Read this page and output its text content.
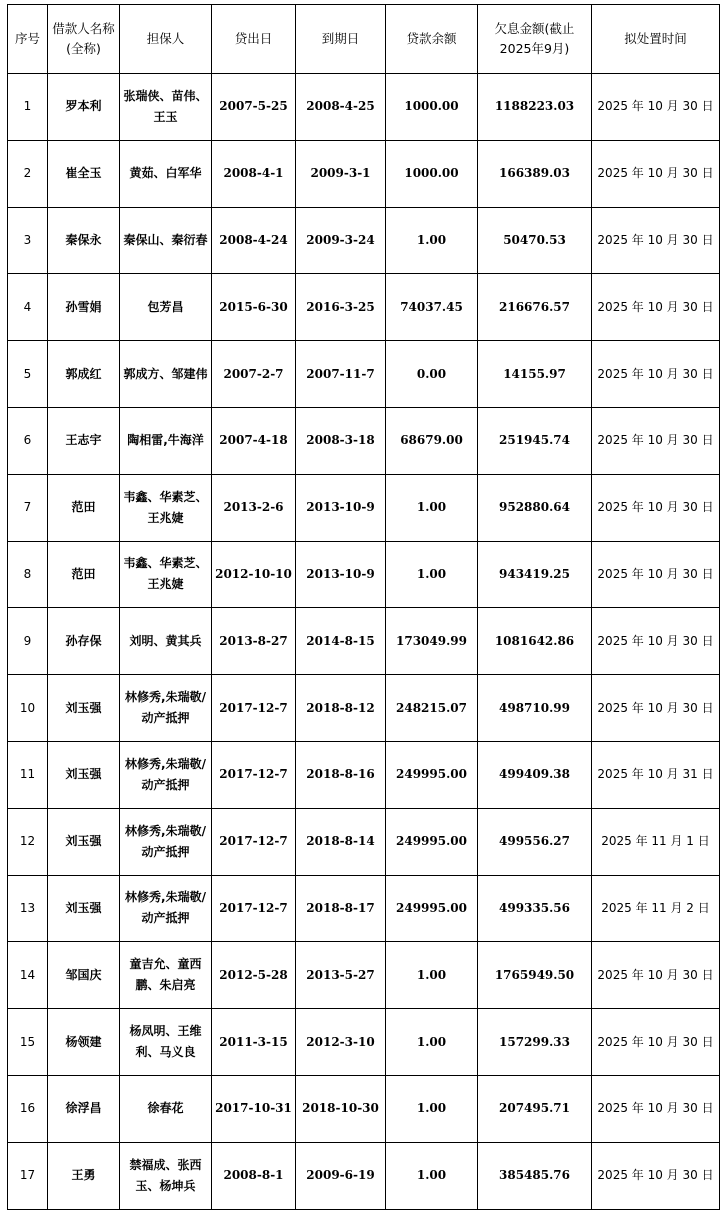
序号	借款人名称(全称)	担保人	贷出日	到期日	贷款余额	欠息金额(截止2025年9月)	拟处置时间
1	罗本利	张瑞侠、苗伟、王玉	2007-5-25	2008-4-25	1000.00	1188223.03	2025 年 10 月 30 日
2	崔全玉	黄茹、白军华	2008-4-1	2009-3-1	1000.00	166389.03	2025 年 10 月 30 日
3	秦保永	秦保山、秦衍春	2008-4-24	2009-3-24	1.00	50470.53	2025 年 10 月 30 日
4	孙雪娟	包芳昌	2015-6-30	2016-3-25	74037.45	216676.57	2025 年 10 月 30 日
5	郭成红	郭成方、邹建伟	2007-2-7	2007-11-7	0.00	14155.97	2025 年 10 月 30 日
6	王志宇	陶相雷,牛海洋	2007-4-18	2008-3-18	68679.00	251945.74	2025 年 10 月 30 日
7	范田	韦鑫、华素芝、王兆婕	2013-2-6	2013-10-9	1.00	952880.64	2025 年 10 月 30 日
8	范田	韦鑫、华素芝、王兆婕	2012-10-10	2013-10-9	1.00	943419.25	2025 年 10 月 30 日
9	孙存保	刘明、黄其兵	2013-8-27	2014-8-15	173049.99	1081642.86	2025 年 10 月 30 日
10	刘玉强	林修秀,朱瑞敬/动产抵押	2017-12-7	2018-8-12	248215.07	498710.99	2025 年 10 月 30 日
11	刘玉强	林修秀,朱瑞敬/动产抵押	2017-12-7	2018-8-16	249995.00	499409.38	2025 年 10 月 31 日
12	刘玉强	林修秀,朱瑞敬/动产抵押	2017-12-7	2018-8-14	249995.00	499556.27	2025 年 11 月 1 日
13	刘玉强	林修秀,朱瑞敬/动产抵押	2017-12-7	2018-8-17	249995.00	499335.56	2025 年 11 月 2 日
14	邹国庆	童吉允、童西鹏、朱启亮	2012-5-28	2013-5-27	1.00	1765949.50	2025 年 10 月 30 日
15	杨领建	杨凤明、王维利、马义良	2011-3-15	2012-3-10	1.00	157299.33	2025 年 10 月 30 日
16	徐浮昌	徐春花	2017-10-31	2018-10-30	1.00	207495.71	2025 年 10 月 30 日
17	王勇	禁福成、张西玉、杨坤兵	2008-8-1	2009-6-19	1.00	385485.76	2025 年 10 月 30 日
